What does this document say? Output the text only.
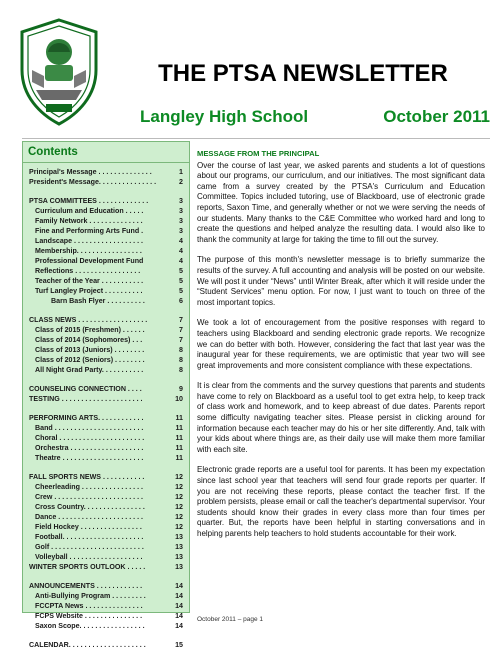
THE PTSA NEWSLETTER
Langley High School	October 2011
Contents
Principal's Message . . . . . . . . . . . . . .	1
President's Message. . . . . . . . . . . . . . .	2
PTSA COMMITTEES . . . . . . . . . . . . .	3
Curriculum and Education . . . . .	3
Family Network . . . . . . . . . . . . . .	3
Fine and Performing Arts Fund .	3
Landscape . . . . . . . . . . . . . . . . . .	4
Membership. . . . . . . . . . . . . . . . .	4
Professional Development Fund	4
Reflections . . . . . . . . . . . . . . . . .	5
Teacher of the Year . . . . . . . . . . .	5
Turf Langley Project . . . . . . . . . .	5
Barn Bash Flyer . . . . . . . . . .	6
CLASS NEWS . . . . . . . . . . . . . . . . . .	7
Class of 2015 (Freshmen) . . . . . .	7
Class of 2014 (Sophomores) . . .	7
Class of 2013 (Juniors) . . . . . . . .	8
Class of 2012 (Seniors) . . . . . . . .	8
All Night Grad Party. . . . . . . . . . .	8
COUNSELING CONNECTION . . . .	9
TESTING . . . . . . . . . . . . . . . . . . . . .	10
PERFORMING ARTS. . . . . . . . . . . .	11
Band . . . . . . . . . . . . . . . . . . . . . . .	11
Choral . . . . . . . . . . . . . . . . . . . . . .	11
Orchestra . . . . . . . . . . . . . . . . . . .	11
Theatre . . . . . . . . . . . . . . . . . . . . .	11
FALL SPORTS NEWS . . . . . . . . . . .	12
Cheerleading . . . . . . . . . . . . . . . .	12
Crew . . . . . . . . . . . . . . . . . . . . . . .	12
Cross Country. . . . . . . . . . . . . . . .	12
Dance . . . . . . . . . . . . . . . . . . . . . .	12
Field Hockey . . . . . . . . . . . . . . . .	12
Football. . . . . . . . . . . . . . . . . . . . .	13
Golf . . . . . . . . . . . . . . . . . . . . . . . .	13
Volleyball . . . . . . . . . . . . . . . . . . .	13
WINTER SPORTS OUTLOOK . . . . .	13
ANNOUNCEMENTS . . . . . . . . . . . .	14
Anti-Bullying Program . . . . . . . . .	14
FCCPTA News . . . . . . . . . . . . . . .	14
FCPS Website . . . . . . . . . . . . . . .	14
Saxon Scope. . . . . . . . . . . . . . . . .	14
CALENDAR. . . . . . . . . . . . . . . . . . . .	15
MESSAGE FROM THE PRINCIPAL

Over the course of last year, we asked parents and students a lot of questions about our programs, our curriculum, and our initiatives. The most significant data came from a survey created by the PTSA's Curriculum and Education Committee. Topics included tutoring, use of Blackboard, use of electronic grade reports, Saxon Time, and generally whether or not we were serving the needs of our students. Many thanks to the C&E Committee who worked hard and long to create the questions and helped analyze the resulting data. I would also like to thank the community at large for taking the time to fill out the survey.

The purpose of this month's newsletter message is to briefly summarize the results of the survey. A full accounting and analysis will be posted on our website. We will post it under “News” until Winter Break, after which it will reside under the “Student Services” menu option. For now, I just want to touch on three of the most important topics.

We took a lot of encouragement from the positive responses with regard to teachers using Blackboard and sending electronic grade reports. We recognize we can do better with both. However, considering the fact that last year was the inaugural year for these requirements, we are optimistic that year two will see great improvements and more consistent compliance with these expectations.

It is clear from the comments and the survey questions that parents and students have come to rely on Blackboard as a useful tool to get extra help, to keep track of class work and homework, and to keep abreast of due dates. Parents report some difficulty navigating teacher sites. Please persist in clicking around for information because each teacher may do his or her site differently. And, talk with your kids about where things are, as their daily use will make them more familiar with each site.

Electronic grade reports are a useful tool for parents. It has been my expectation since last school year that teachers will send four grade reports per quarter. If you are not receiving these reports, please contact the teacher first. If the problem persists, please email or call the teacher's departmental supervisor. Your students should know their grades in every class more than four times per quarter. But, the reports have been helpful in starting conversations and in helping parents help teachers to hold students accountable for their work.

October 2011 – page 1
